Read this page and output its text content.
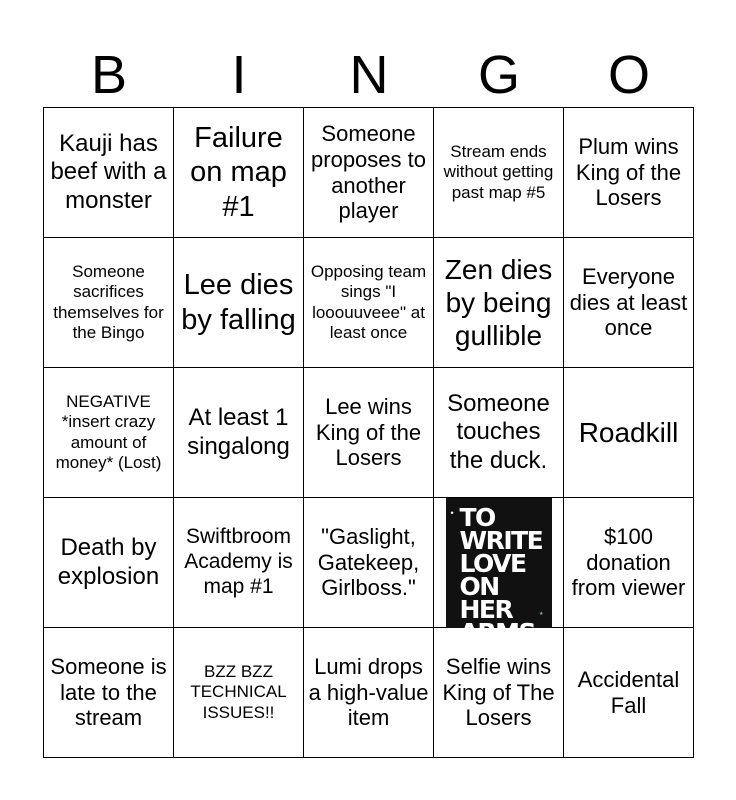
B	I	N	G	O
Kauji has beef with a monster
Failure on map #1
Someone proposes to another player
Stream ends without getting past map #5
Plum wins King of the Losers
Someone sacrifices themselves for the Bingo
Lee dies by falling
Opposing team sings "I looouuveee" at least once
Zen dies by being gullible
Everyone dies at least once
NEGATIVE *insert crazy amount of money* (Lost)
At least 1 singalong
Lee wins King of the Losers
Someone touches the duck.
Roadkill
Death by explosion
Swiftbroom Academy is map #1
"Gaslight, Gatekeep, Girlboss."

• TO
WRITE
LOVE
ON HER
ARMS.

★

$100 donation from viewer
Someone is late to the stream
BZZ BZZ TECHNICAL ISSUES!!
Lumi drops a high-value item
Selfie wins King of The Losers
Accidental Fall
